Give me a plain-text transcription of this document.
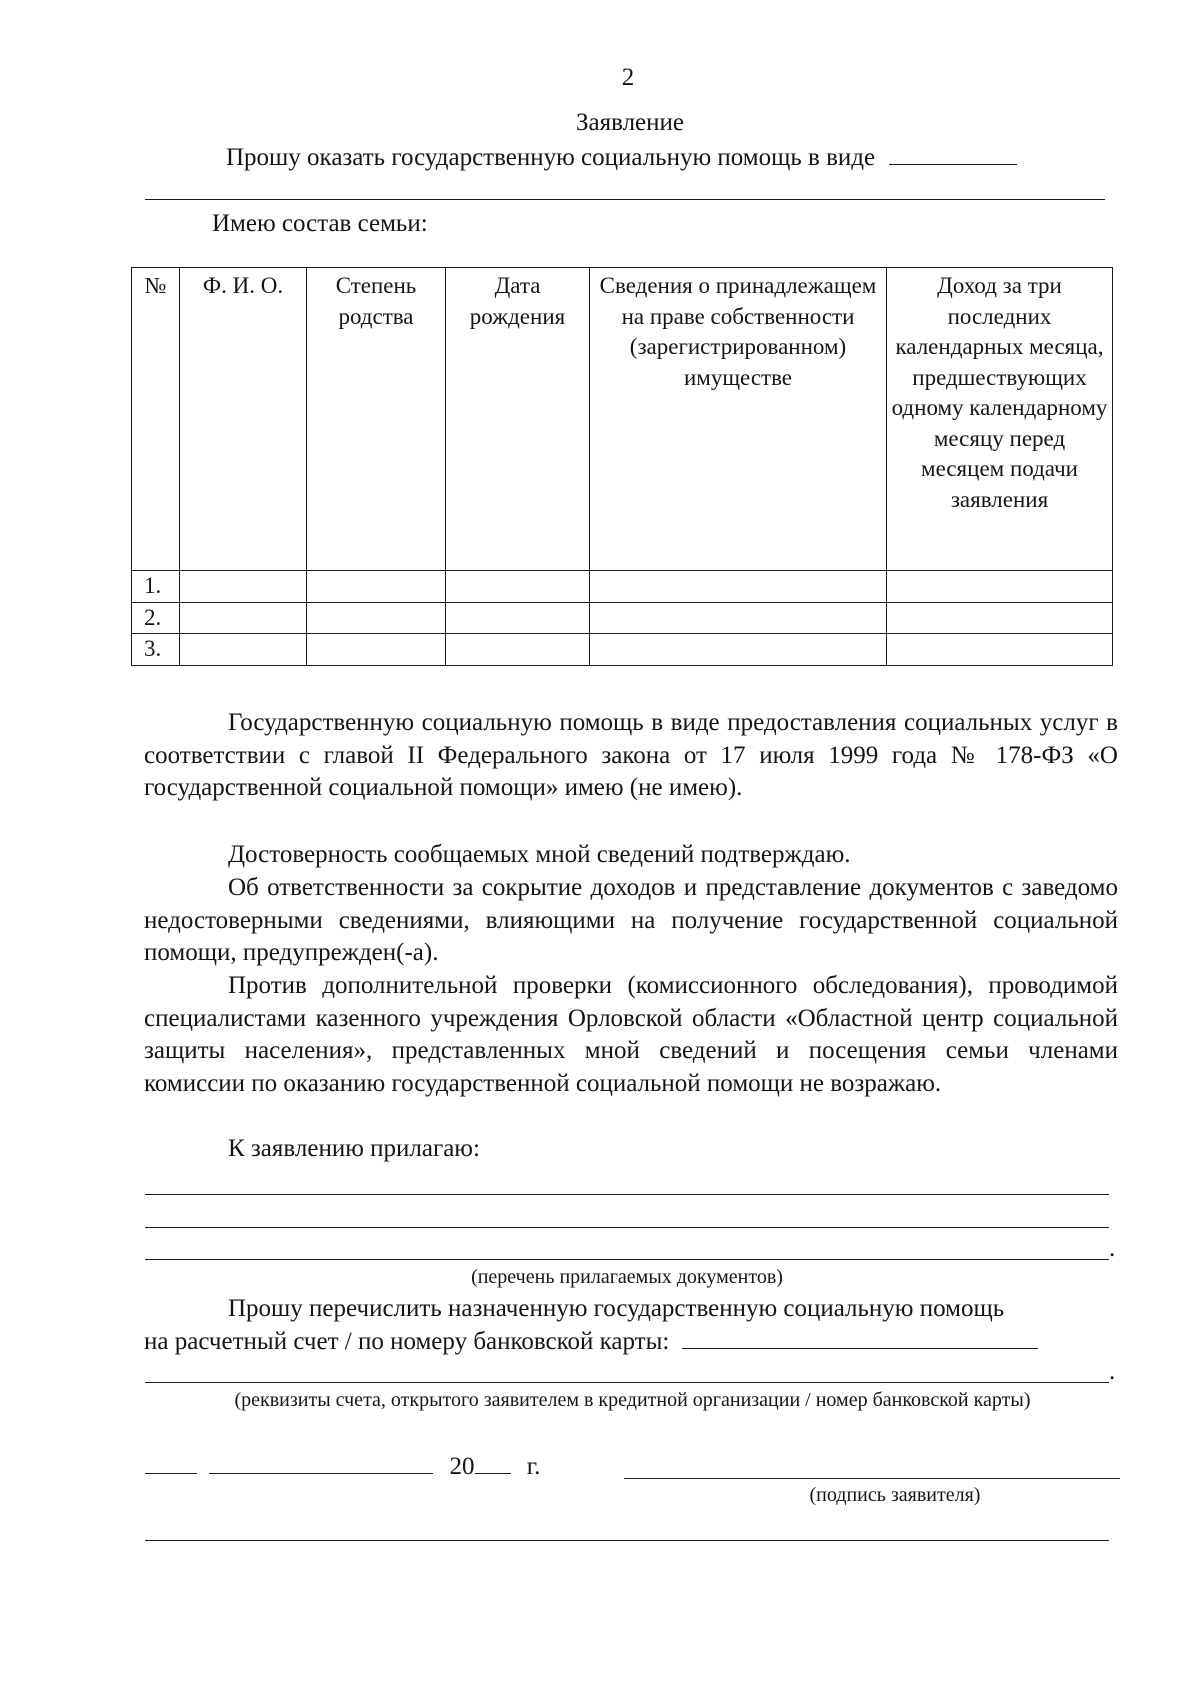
2
Заявление
Прошу оказать государственную социальную помощь в виде
Имею состав семьи:
№	Ф. И. О.	Степень родства	Дата рождения	Сведения о принадлежащем на праве собственности (зарегистрированном) имуществе	Доход за три последних календарных месяца, предшествующих одному календарному месяцу перед месяцем подачи заявления
1.					
2.					
3.					

Государственную социальную помощь в виде предоставления социальных услуг в соответствии с главой II Федерального закона от 17 июля 1999 года № 178-ФЗ «О государственной социальной помощи» имею (не имею).

Достоверность сообщаемых мной сведений подтверждаю.

Об ответственности за сокрытие доходов и представление документов с заведомо недостоверными сведениями, влияющими на получение государственной социальной помощи, предупрежден(-а).

Против дополнительной проверки (комиссионного обследования), проводимой специалистами казенного учреждения Орловской области «Областной центр социальной защиты населения», представленных мной сведений и посещения семьи членами комиссии по оказанию государственной социальной помощи не возражаю.

К заявлению прилагаю:

.
(перечень прилагаемых документов)

Прошу перечислить назначенную государственную социальную помощь

на расчетный счет / по номеру банковской карты:
.
(реквизиты счета, открытого заявителем в кредитной организации / номер банковской карты)
20 г.
(подпись заявителя)
